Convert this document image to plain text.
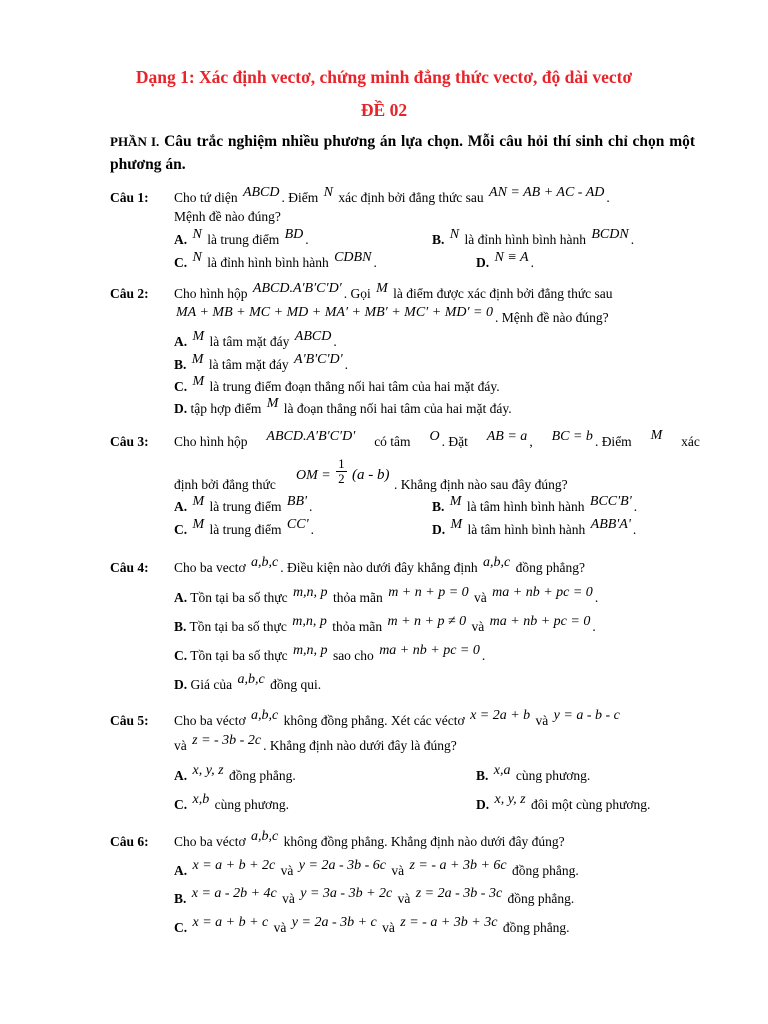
Dạng 1: Xác định vectơ, chứng minh đẳng thức vectơ, độ dài vectơ
ĐỀ 02
PHẦN I. Câu trắc nghiệm nhiều phương án lựa chọn. Mỗi câu hỏi thí sinh chỉ chọn một phương án.
Câu 1: Cho tứ diện ABCD . Điểm N xác định bởi đẳng thức sau AN = AB + AC - AD .
Mệnh đề nào đúng?
A. N là trung điểm BD .	B. N là đỉnh hình bình hành BCDN .
C. N là đỉnh hình bình hành CDBN .	D. N ≡ A .
Câu 2: Cho hình hộp ABCD.A′B′C′D′ . Gọi M là điểm được xác định bởi đẳng thức sau
MA + MB + MC + MD + MA′ + MB′ + MC′ + MD′ = 0 . Mệnh đề nào đúng?
A. M là tâm mặt đáy ABCD .
B. M là tâm mặt đáy A'B'C'D' .
C. M là trung điểm đoạn thẳng nối hai tâm của hai mặt đáy.
D. tập hợp điểm M là đoạn thẳng nối hai tâm của hai mặt đáy.
Câu 3: Cho hình hộp ABCD.A′B′C′D′ có tâm O . Đặt AB = a , BC = b . Điểm M xác
OM = $\frac{1}{2} (a - b)$
định bởi đẳng thức	. Khẳng định nào sau đây đúng?
A. M là trung điểm BB' .	B. M là tâm hình bình hành BCC'B' .
C. M là trung điểm CC' .	D. M là tâm hình bình hành ABB'A' .
Câu 4: Cho ba vectơ a,b,c . Điều kiện nào dưới đây khẳng định a,b,c đồng phẳng?
A. Tồn tại ba số thực m,n, p thỏa mãn m + n + p = 0 và ma + nb + pc = 0 .
B. Tồn tại ba số thực m,n, p thỏa mãn m + n + p ≠ 0 và ma + nb + pc = 0 .
C. Tồn tại ba số thực m,n, p sao cho ma + nb + pc = 0 .
D. Giá của a,b,c đồng qui.
Câu 5: Cho ba véctơ a,b,c không đồng phẳng. Xét các véctơ x = 2a + b và y = a - b - c
và z = - 3b - 2c . Khẳng định nào dưới đây là đúng?
A. x, y, z đồng phẳng.	B. x,a cùng phương.
C. x,b cùng phương.	D. x, y, z đôi một cùng phương.
Câu 6: Cho ba véctơ a,b,c không đồng phẳng. Khẳng định nào dưới đây đúng?
A. x = a + b + 2c và y = 2a - 3b - 6c và z = - a + 3b + 6c đồng phẳng.
B. x = a - 2b + 4c và y = 3a - 3b + 2c và z = 2a - 3b - 3c đồng phẳng.
C. x = a + b + c và y = 2a - 3b + c và z = - a + 3b + 3c đồng phẳng.
